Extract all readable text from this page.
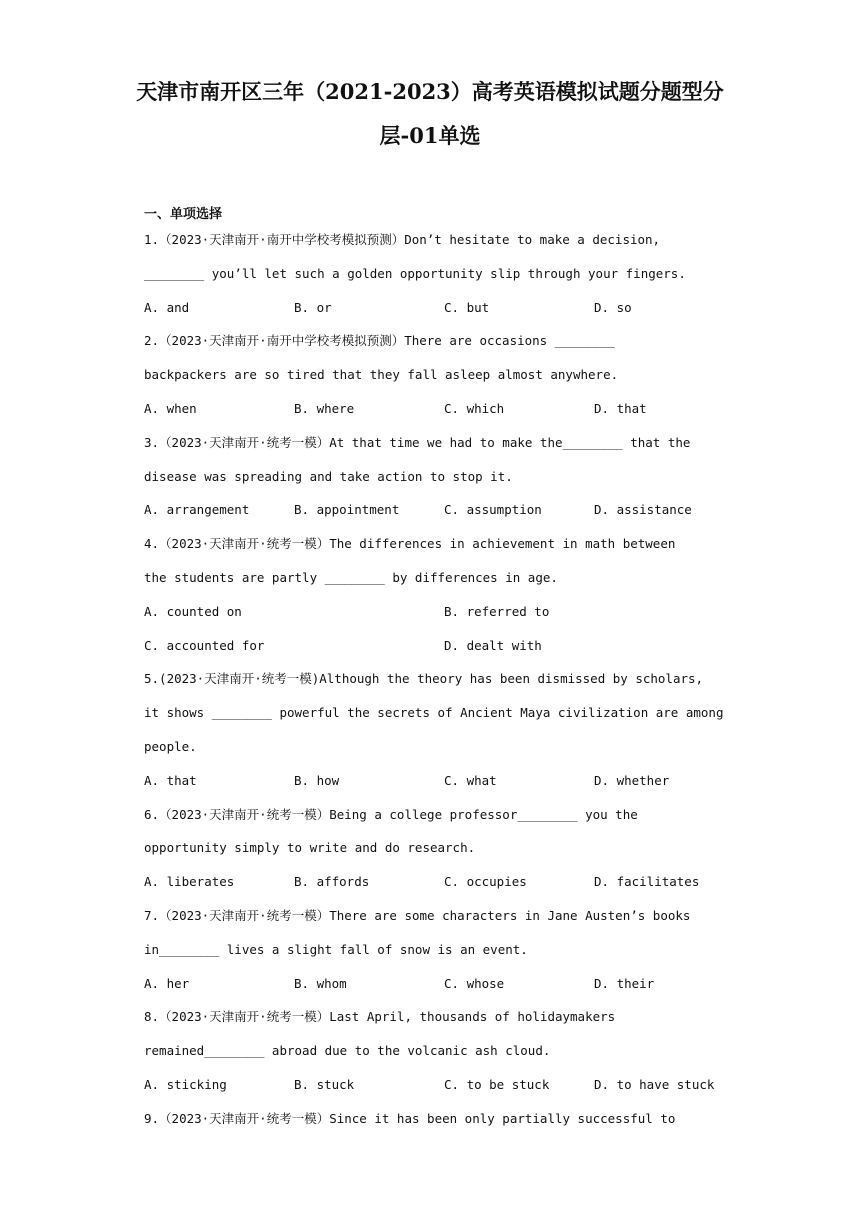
天津市南开区三年（2021-2023）高考英语模拟试题分题型分
层-01单选
一、单项选择
1.（2023·天津南开·南开中学校考模拟预测）Don’t hesitate to make a decision,
________ you’ll let such a golden opportunity slip through your fingers.
A. and	B. or	C. but	D. so
2.（2023·天津南开·南开中学校考模拟预测）There are occasions ________
backpackers are so tired that they fall asleep almost anywhere.
A. when	B. where	C. which	D. that
3.（2023·天津南开·统考一模）At that time we had to make the________ that the
disease was spreading and take action to stop it.
A. arrangement	B. appointment	C. assumption	D. assistance
4.（2023·天津南开·统考一模）The differences in achievement in math between
the students are partly ________ by differences in age.
A. counted on	B. referred to
C. accounted for	D. dealt with
5.(2023·天津南开·统考一模)Although the theory has been dismissed by scholars,
it shows ________ powerful the secrets of Ancient Maya civilization are among
people.
A. that	B. how	C. what	D. whether
6.（2023·天津南开·统考一模）Being a college professor________ you the
opportunity simply to write and do research.
A. liberates	B. affords	C. occupies	D. facilitates
7.（2023·天津南开·统考一模）There are some characters in Jane Austen’s books
in________ lives a slight fall of snow is an event.
A. her	B. whom	C. whose	D. their
8.（2023·天津南开·统考一模）Last April, thousands of holidaymakers
remained________ abroad due to the volcanic ash cloud.
A. sticking	B. stuck	C. to be stuck	D. to have stuck
9.（2023·天津南开·统考一模）Since it has been only partially successful to
